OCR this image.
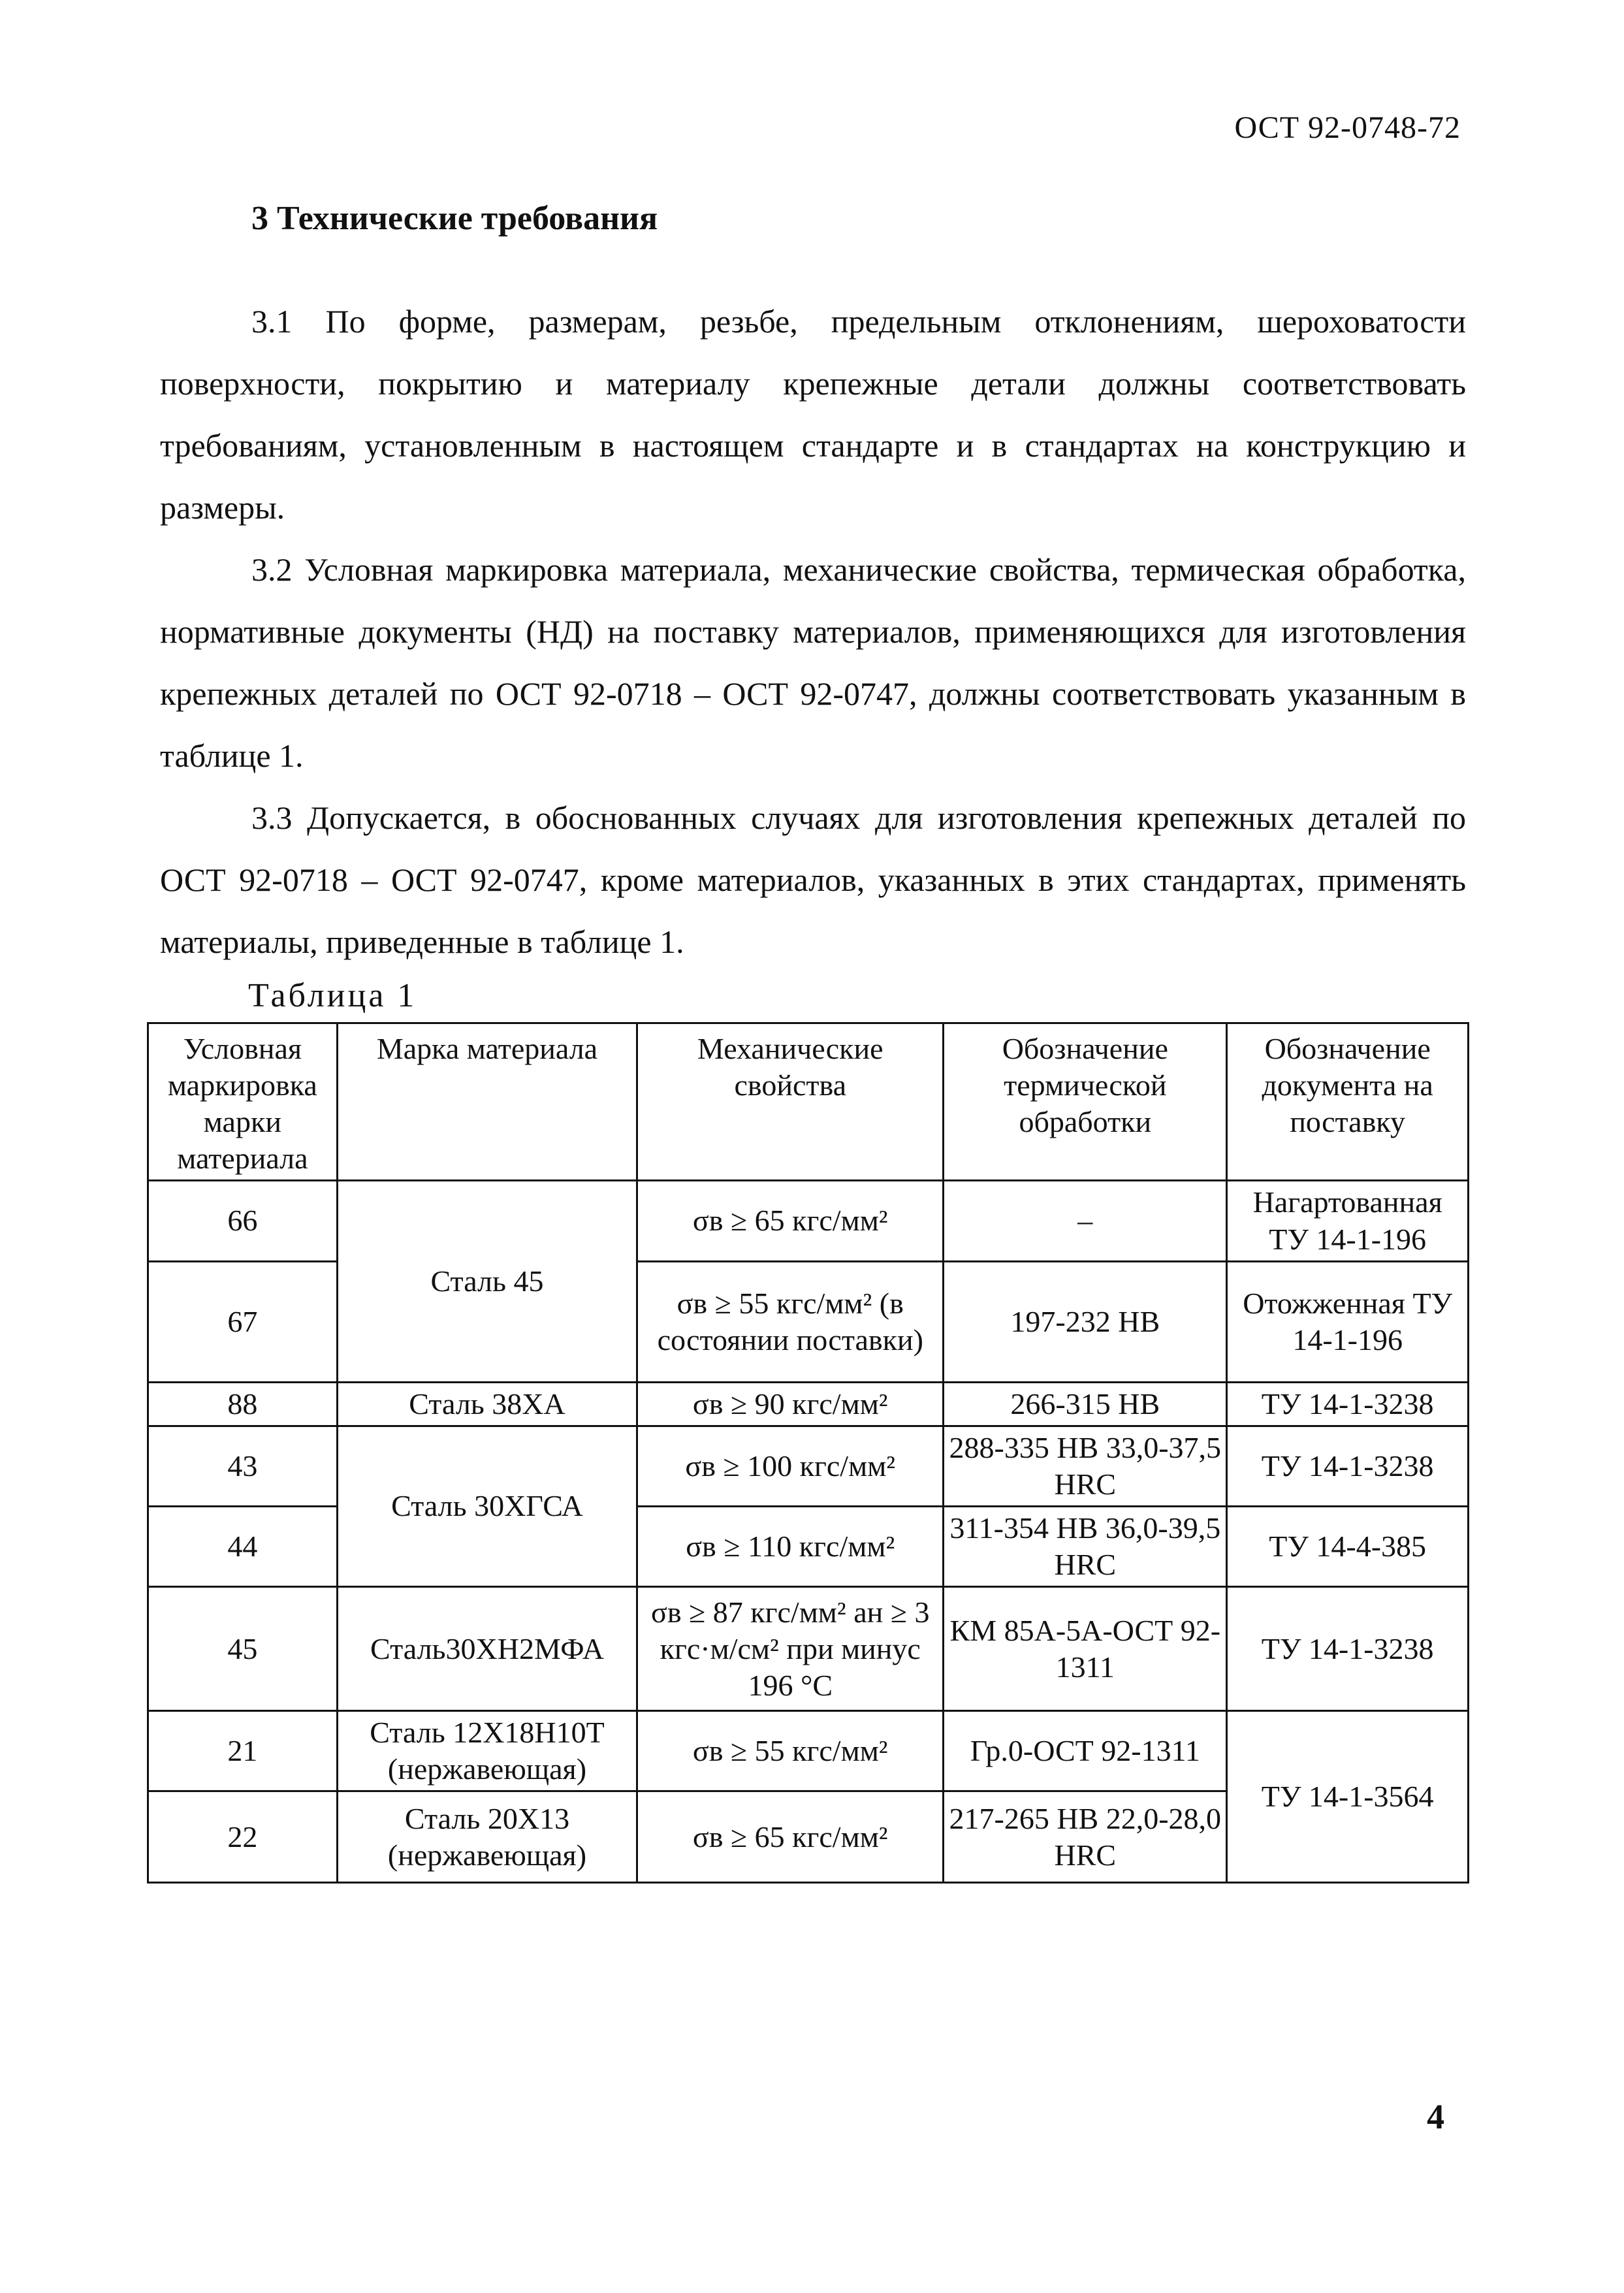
ОСТ 92-0748-72
3 Технические требования

3.1 По форме, размерам, резьбе, предельным отклонениям, шероховатости поверхности, покрытию и материалу крепежные детали должны соответствовать требованиям, установленным в настоящем стандарте и в стандартах на конструкцию и размеры.

3.2 Условная маркировка материала, механические свойства, термическая обработка, нормативные документы (НД) на поставку материалов, применяющихся для изготовления крепежных деталей по ОСТ 92-0718 – ОСТ 92-0747, должны соответствовать указанным в таблице 1.

3.3 Допускается, в обоснованных случаях для изготовления крепежных деталей по ОСТ 92-0718 – ОСТ 92-0747, кроме материалов, указанных в этих стандартах, применять материалы, приведенные в таблице 1.

Таблица 1
Условная маркировка марки материала	Марка материала	Механические свойства	Обозначение термической обработки	Обозначение документа на поставку
66	Сталь 45	σв ≥ 65 кгс/мм²	–	Нагартованная ТУ 14-1-196
67		σв ≥ 55 кгс/мм² (в состоянии поставки)	197-232 НВ	Отожженная ТУ 14-1-196
88	Сталь 38ХА	σв ≥ 90 кгс/мм²	266-315 НВ	ТУ 14-1-3238
43	Сталь 30ХГСА	σв ≥ 100 кгс/мм²	288-335 НВ 33,0-37,5 HRC	ТУ 14-1-3238
44		σв ≥ 110 кгс/мм²	311-354 НВ 36,0-39,5 HRC	ТУ 14-4-385
45	Сталь30ХН2МФА	σв ≥ 87 кгс/мм² ан ≥ 3 кгс·м/см² при минус 196 °С	КМ 85А-5А-ОСТ 92-1311	ТУ 14-1-3238
21	Сталь 12Х18Н10Т (нержавеющая)	σв ≥ 55 кгс/мм²	Гр.0-ОСТ 92-1311	ТУ 14-1-3564
22	Сталь 20Х13 (нержавеющая)	σв ≥ 65 кгс/мм²	217-265 НВ 22,0-28,0 HRC	
4
